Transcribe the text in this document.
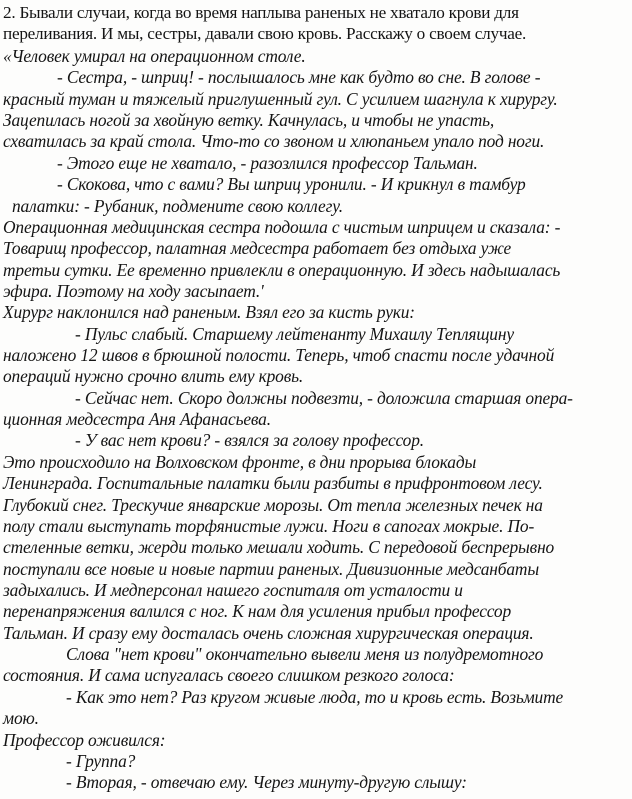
2. Бывали случаи, когда во время наплыва раненых не хватало крови для
переливания. И мы, сестры, давали свою кровь. Расскажу о своем случае.
«Человек умирал на операционном столе.
- Сестра, - шприц! - послышалось мне как будто во сне. В голове -
красный туман и тяжелый приглушенный гул. С усилием шагнула к хирургу.
Зацепилась ногой за хвойную ветку. Качнулась, и чтобы не упасть,
схватилась за край стола. Что-то со звоном и хлюпаньем упало под ноги.
- Этого еще не хватало, - разозлился профессор Тальман.
- Скокова, что с вами? Вы шприц уронили. - И крикнул в тамбур
палатки: - Рубаник, подмените свою коллегу.
Операционная медицинская сестра подошла с чистым шприцем и сказала: -
Товарищ профессор, палатная медсестра работает без отдыха уже
третьи сутки. Ее временно привлекли в операционную. И здесь надышалась
эфира. Поэтому на ходу засыпает.'
Хирург наклонился над раненым. Взял его за кисть руки:
- Пульс слабый. Старшему лейтенанту Михаилу Теплящину
наложено 12 швов в брюшной полости. Теперь, чтоб спасти после удачной
операций нужно срочно влить ему кровь.
- Сейчас нет. Скоро должны подвезти, - доложила старшая опера-
ционная медсестра Аня Афанасьева.
- У вас нет крови? - взялся за голову профессор.
Это происходило на Волховском фронте, в дни прорыва блокады
Ленинграда. Госпитальные палатки были разбиты в прифронтовом лесу.
Глубокий снег. Трескучие январские морозы. От тепла железных печек на
полу стали выступать торфянистые лужи. Ноги в сапогах мокрые. По-
стеленные ветки, жерди только мешали ходить. С передовой беспрерывно
поступали все новые и новые партии раненых. Дивизионные медсанбаты
задыхались. И медперсонал нашего госпиталя от усталости и
перенапряжения валился с ног. К нам для усиления прибыл профессор
Тальман. И сразу ему досталась очень сложная хирургическая операция.
Слова "нет крови" окончательно вывели меня из полудремотного
состояния. И сама испугалась своего слишком резкого голоса:
- Как это нет? Раз кругом живые люда, то и кровь есть. Возьмите
мою.
Профессор оживился:
- Группа?
- Вторая, - отвечаю ему. Через минуту-другую слышу:
